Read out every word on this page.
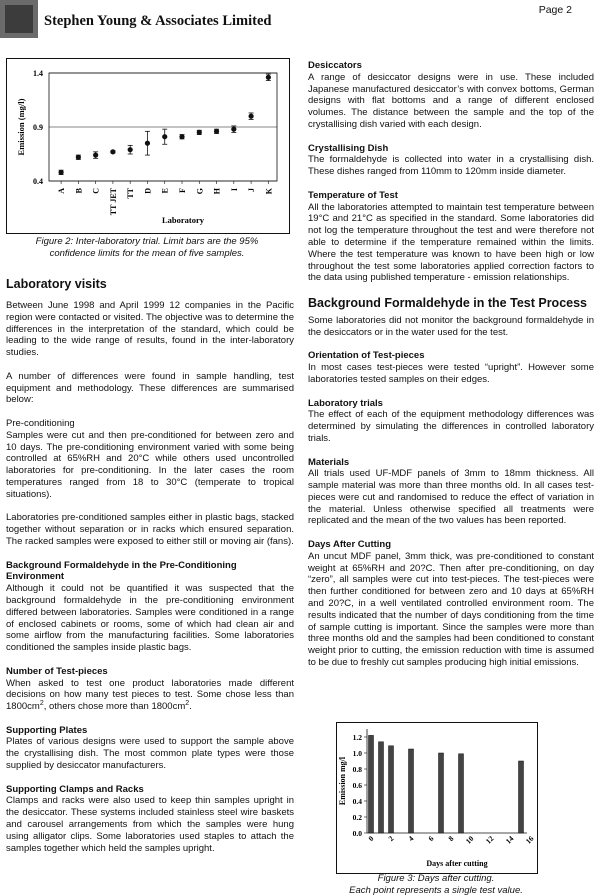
Stephen Young & Associates Limited
Page 2
0.4
0.9
1.4
Emission (mg/l)
A B C TT JET TT D E F G H I J K
Laboratory
Figure 2: Inter-laboratory trial. Limit bars are the 95%
confidence limits for the mean of five samples.
Laboratory visits

Between June 1998 and April 1999 12 companies in the Pacific region were contacted or visited. The objective was to determine the differences in the interpretation of the standard, which could be leading to the wide range of results, found in the inter-laboratory studies.

A number of differences were found in sample handling, test equipment and methodology. These differences are summarised below:

Pre-conditioning

Samples were cut and then pre-conditioned for between zero and 10 days. The pre-conditioning environment varied with some being controlled at 65%RH and 20°C while others used uncontrolled laboratories for pre-conditioning. In the later cases the room temperatures ranged from 18 to 30°C (temperate to tropical situations).

Laboratories pre-conditioned samples either in plastic bags, stacked together without separation or in racks which ensured separation. The racked samples were exposed to either still or moving air (fans).

Background Formaldehyde in the Pre-Conditioning Environment

Although it could not be quantified it was suspected that the background formaldehyde in the pre-conditioning environment differed between laboratories. Samples were conditioned in a range of enclosed cabinets or rooms, some of which had clean air and some airflow from the manufacturing facilities. Some laboratories conditioned the samples inside plastic bags.

Number of Test-pieces

When asked to test one product laboratories made different decisions on how many test pieces to test. Some chose less than $1800cm^2$, others chose more than $1800cm^2$.

Supporting Plates

Plates of various designs were used to support the sample above the crystallising dish. The most common plate types were those supplied by desiccator manufacturers.

Supporting Clamps and Racks

Clamps and racks were also used to keep thin samples upright in the desiccator. These systems included stainless steel wire baskets and carousel arrangements from which the samples were hung using alligator clips. Some laboratories used staples to attach the samples together which held the samples upright.

Desiccators

A range of desiccator designs were in use. These included Japanese manufactured desiccator’s with convex bottoms, German designs with flat bottoms and a range of different enclosed volumes. The distance between the sample and the top of the crystallising dish varied with each design.

Crystallising Dish

The formaldehyde is collected into water in a crystallising dish. These dishes ranged from 110mm to 120mm inside diameter.

Temperature of Test

All the laboratories attempted to maintain test temperature between 19°C and 21°C as specified in the standard. Some laboratories did not log the temperature throughout the test and were therefore not able to determine if the temperature remained within the limits. Where the test temperature was known to have been high or low throughout the test some laboratories applied correction factors to the data using published temperature - emission relationships.

Background Formaldehyde in the Test Process

Some laboratories did not monitor the background formaldehyde in the desiccators or in the water used for the test.

Orientation of Test-pieces

In most cases test-pieces were tested “upright”. However some laboratories tested samples on their edges.

Laboratory trials

The effect of each of the equipment methodology differences was determined by simulating the differences in controlled laboratory trials.

Materials

All trials used UF-MDF panels of 3mm to 18mm thickness. All sample material was more than three months old. In all cases test-pieces were cut and randomised to reduce the effect of variation in the material. Unless otherwise specified all treatments were replicated and the mean of the two values has been reported.

Days After Cutting

An uncut MDF panel, 3mm thick, was pre-conditioned to constant weight at 65%RH and 20?C. Then after pre-conditioning, on day “zero”, all samples were cut into test-pieces. The test-pieces were then further conditioned for between zero and 10 days at 65%RH and 20?C, in a well ventilated controlled environment room. The results indicated that the number of days conditioning from the time of sample cutting is important. Since the samples were more than three months old and the samples had been conditioned to constant weight prior to cutting, the emission reduction with time is assumed to be due to freshly cut samples producing high initial emissions.

0.0
0.2
0.4
0.6
0.8
1.0
1.2
Emission mg/l
0 2 4 6 8 10 12 14 16
Days after cutting
Figure 3: Days after cutting.
Each point represents a single test value.
